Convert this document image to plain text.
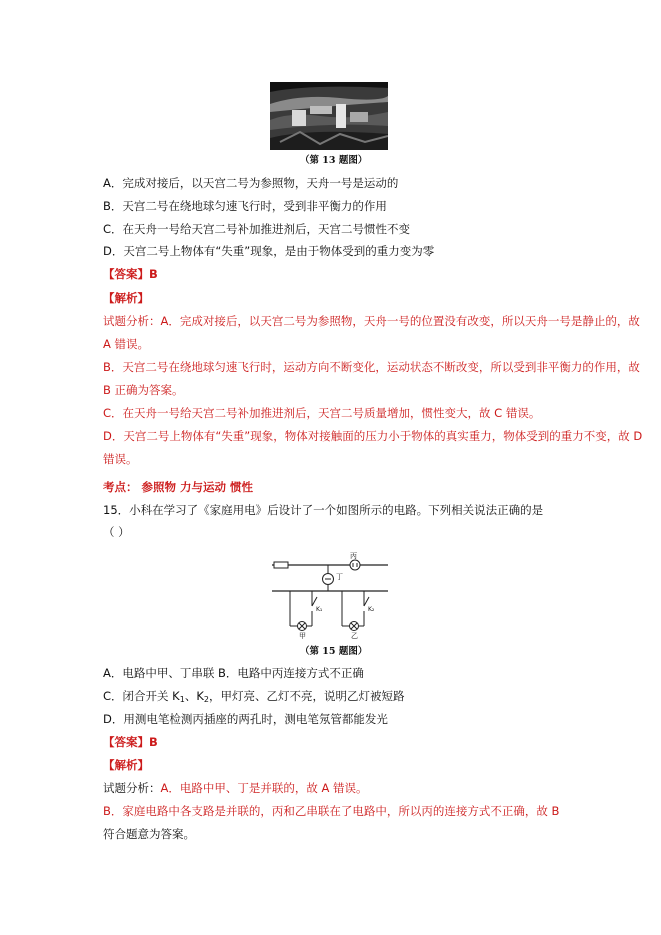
（第 13 题图）
A．完成对接后，以天宫二号为参照物，天舟一号是运动的
B．天宫二号在绕地球匀速飞行时，受到非平衡力的作用
C．在天舟一号给天宫二号补加推进剂后，天宫二号惯性不变
D．天宫二号上物体有“失重”现象，是由于物体受到的重力变为零
【答案】B
【解析】
试题分析：A．完成对接后，以天宫二号为参照物，天舟一号的位置没有改变，所以天舟一号是静止的，故
A 错误。
B．天宫二号在绕地球匀速飞行时，运动方向不断变化，运动状态不断改变，所以受到非平衡力的作用，故
B 正确为答案。
C．在天舟一号给天宫二号补加推进剂后，天宫二号质量增加，惯性变大，故 C 错误。
D．天宫二号上物体有“失重”现象，物体对接触面的压力小于物体的真实重力，物体受到的重力不变，故 D
错误。
考点： 参照物 力与运动 惯性
15．小科在学习了《家庭用电》后设计了一个如图所示的电路。下列相关说法正确的是
（ ）
丙
丁
K₁
甲
K₂
乙
（第 15 题图）
A．电路中甲、丁串联 B．电路中丙连接方式不正确
C．闭合开关 $K_1$、$K_2$，甲灯亮、乙灯不亮，说明乙灯被短路
D．用测电笔检测丙插座的两孔时，测电笔氖管都能发光
【答案】B
【解析】
试题分析：A．电路中甲、丁是并联的，故 A 错误。
B．家庭电路中各支路是并联的，丙和乙串联在了电路中，所以丙的连接方式不正确，故 B
符合题意为答案。
